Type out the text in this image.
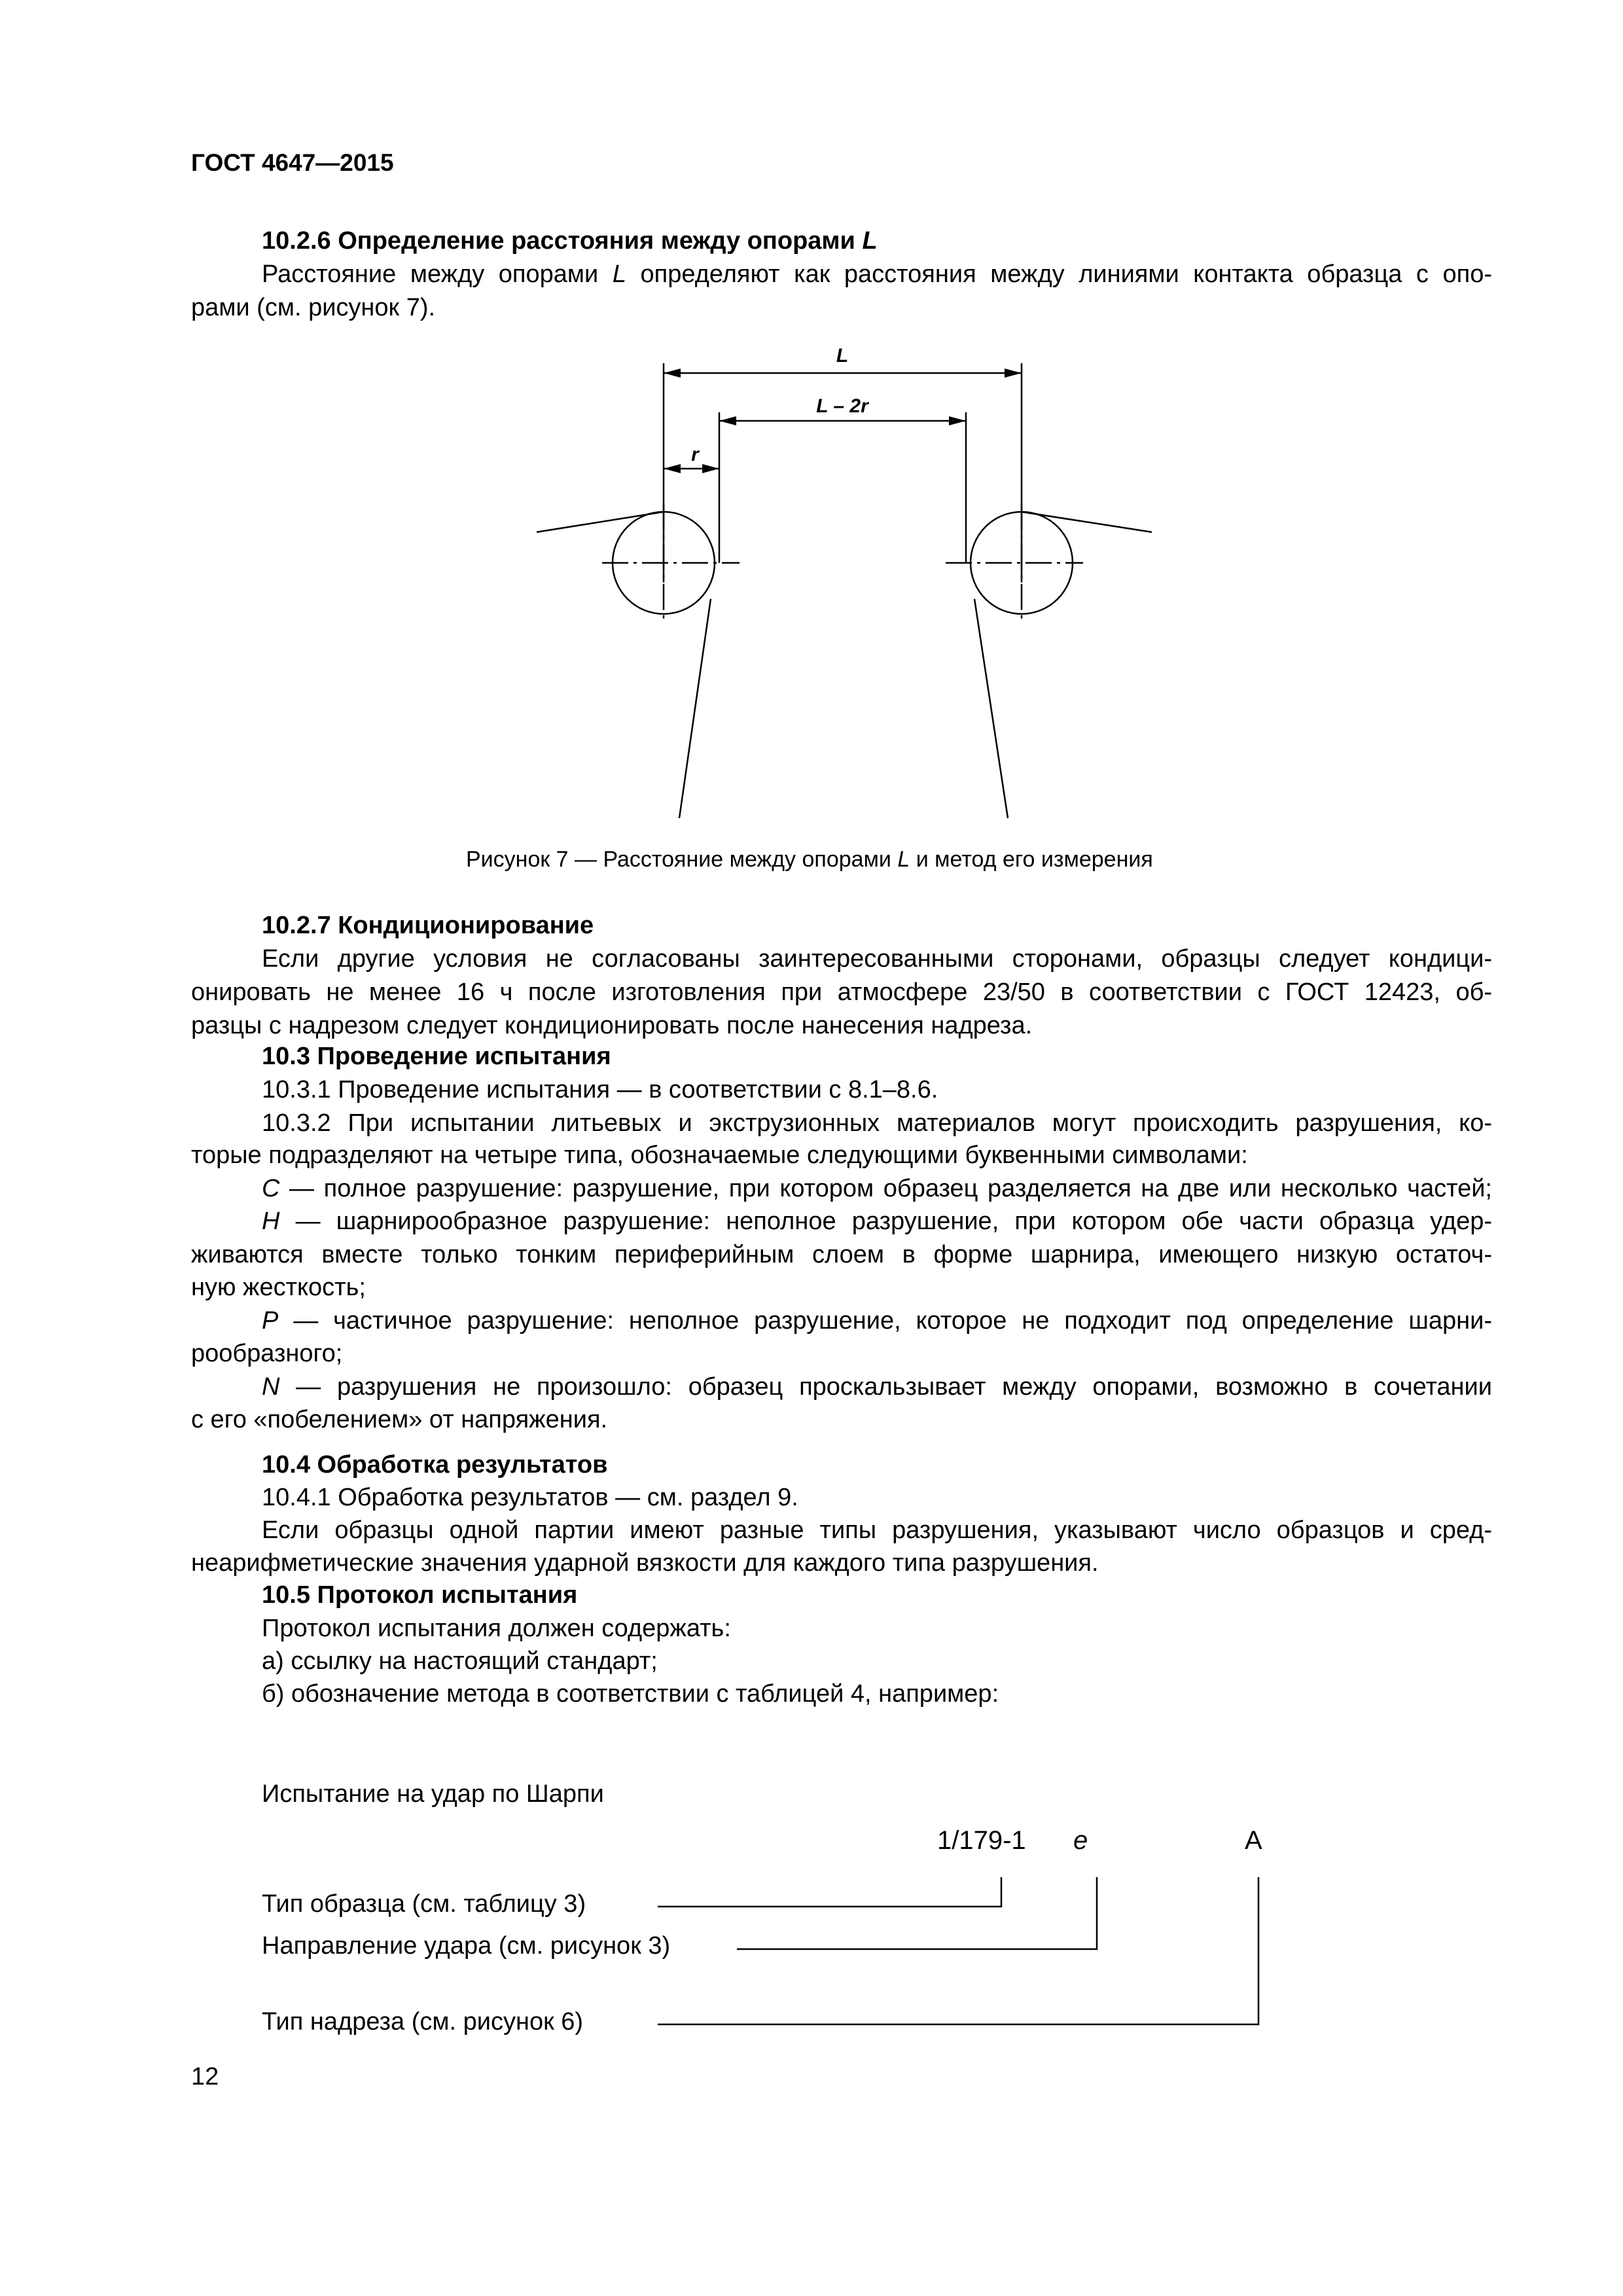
ГОСТ 4647—2015
10.2.6 Определение расстояния между опорами L
Расстояние между опорами L определяют как расстояния между линиями контакта образца с опо-
рами (см. рисунок 7).
L
L – 2r
r
Рисунок 7 — Расстояние между опорами L и метод его измерения
10.2.7 Кондиционирование
Если другие условия не согласованы заинтересованными сторонами, образцы следует кондици-
онировать не менее 16 ч после изготовления при атмосфере 23/50 в соответствии с ГОСТ 12423, об-
разцы с надрезом следует кондиционировать после нанесения надреза.
10.3 Проведение испытания
10.3.1 Проведение испытания — в соответствии с 8.1–8.6.
10.3.2 При испытании литьевых и экструзионных материалов могут происходить разрушения, ко-
торые подразделяют на четыре типа, обозначаемые следующими буквенными символами:
C — полное разрушение: разрушение, при котором образец разделяется на две или несколько частей;
H — шарнирообразное разрушение: неполное разрушение, при котором обе части образца удер-
живаются вместе только тонким периферийным слоем в форме шарнира, имеющего низкую остаточ-
ную жесткость;
P — частичное разрушение: неполное разрушение, которое не подходит под определение шарни-
рообразного;
N — разрушения не произошло: образец проскальзывает между опорами, возможно в сочетании
с его «побелением» от напряжения.
10.4 Обработка результатов
10.4.1 Обработка результатов — см. раздел 9.
Если образцы одной партии имеют разные типы разрушения, указывают число образцов и сред-
неарифметические значения ударной вязкости для каждого типа разрушения.
10.5 Протокол испытания
Протокол испытания должен содержать:
а) ссылку на настоящий стандарт;
б) обозначение метода в соответствии с таблицей 4, например:
Испытание на удар по Шарпи
1/179-1 e	A
Тип образца (см. таблицу 3)
Направление удара (см. рисунок 3)
Тип надреза (см. рисунок 6)
12
